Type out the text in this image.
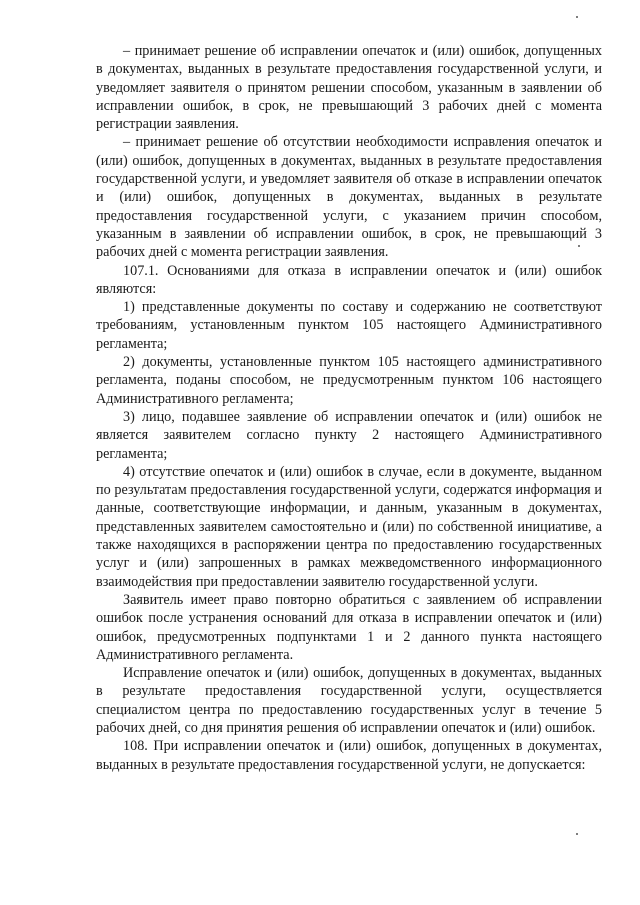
– принимает решение об исправлении опечаток и (или) ошибок, допущенных в документах, выданных в результате предоставления государственной услуги, и уведомляет заявителя о принятом решении способом, указанным в заявлении об исправлении ошибок, в срок, не превышающий 3 рабочих дней с момента регистрации заявления.

– принимает решение об отсутствии необходимости исправления опечаток и (или) ошибок, допущенных в документах, выданных в результате предоставления государственной услуги, и уведомляет заявителя об отказе в исправлении опечаток и (или) ошибок, допущенных в документах, выданных в результате предоставления государственной услуги, с указанием причин способом, указанным в заявлении об исправлении ошибок, в срок, не превышающий 3 рабочих дней с момента регистрации заявления.

107.1. Основаниями для отказа в исправлении опечаток и (или) ошибок являются:

1) представленные документы по составу и содержанию не соответствуют требованиям, установленным пунктом 105 настоящего Административного регламента;

2) документы, установленные пунктом 105 настоящего административного регламента, поданы способом, не предусмотренным пунктом 106 настоящего Административного регламента;

3) лицо, подавшее заявление об исправлении опечаток и (или) ошибок не является заявителем согласно пункту 2 настоящего Административного регламента;

4) отсутствие опечаток и (или) ошибок в случае, если в документе, выданном по результатам предоставления государственной услуги, содержатся информация и данные, соответствующие информации, и данным, указанным в документах, представленных заявителем самостоятельно и (или) по собственной инициативе, а также находящихся в распоряжении центра по предоставлению государственных услуг и (или) запрошенных в рамках межведомственного информационного взаимодействия при предоставлении заявителю государственной услуги.

Заявитель имеет право повторно обратиться с заявлением об исправлении ошибок после устранения оснований для отказа в исправлении опечаток и (или) ошибок, предусмотренных подпунктами 1 и 2 данного пункта настоящего Административного регламента.

Исправление опечаток и (или) ошибок, допущенных в документах, выданных в результате предоставления государственной услуги, осуществляется специалистом центра по предоставлению государственных услуг в течение 5 рабочих дней, со дня принятия решения об исправлении опечаток и (или) ошибок.

108. При исправлении опечаток и (или) ошибок, допущенных в документах, выданных в результате предоставления государственной услуги, не допускается:
